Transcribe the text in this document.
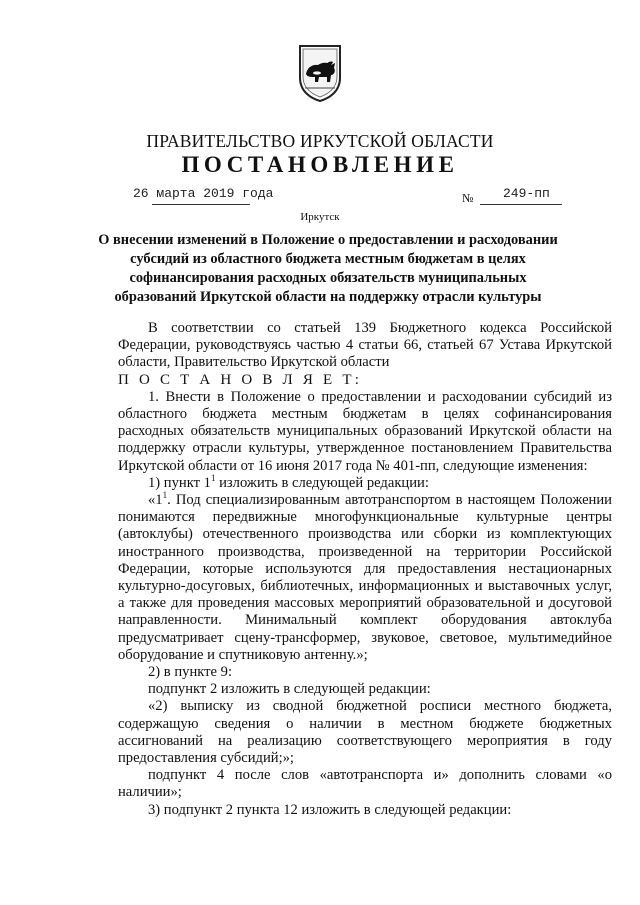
ПРАВИТЕЛЬСТВО ИРКУТСКОЙ ОБЛАСТИ
ПОСТАНОВЛЕНИЕ
26 марта 2019 года	№ 249-пп
Иркутск
О внесении изменений в Положение о предоставлении и расходовании субсидий из областного бюджета местным бюджетам в целях софинансирования расходных обязательств муниципальных образований Иркутской области на поддержку отрасли культуры

В соответствии со статьей 139 Бюджетного кодекса Российской Федерации, руководствуясь частью 4 статьи 66, статьей 67 Устава Иркутской области, Правительство Иркутской области

П О С Т А Н О В Л Я Е Т:

1. Внести в Положение о предоставлении и расходовании субсидий из областного бюджета местным бюджетам в целях софинансирования расходных обязательств муниципальных образований Иркутской области на поддержку отрасли культуры, утвержденное постановлением Правительства Иркутской области от 16 июня 2017 года № 401-пп, следующие изменения:

1) пункт $1^1$ изложить в следующей редакции:

«$1^1$. Под специализированным автотранспортом в настоящем Положении понимаются передвижные многофункциональные культурные центры (автоклубы) отечественного производства или сборки из комплектующих иностранного производства, произведенной на территории Российской Федерации, которые используются для предоставления нестационарных культурно-досуговых, библиотечных, информационных и выставочных услуг, а также для проведения массовых мероприятий образовательной и досуговой направленности. Минимальный комплект оборудования автоклуба предусматривает сцену-трансформер, звуковое, световое, мультимедийное оборудование и спутниковую антенну.»;

2) в пункте 9:

подпункт 2 изложить в следующей редакции:

«2) выписку из сводной бюджетной росписи местного бюджета, содержащую сведения о наличии в местном бюджете бюджетных ассигнований на реализацию соответствующего мероприятия в году предоставления субсидий;»;

подпункт 4 после слов «автотранспорта и» дополнить словами «о наличии»;

3) подпункт 2 пункта 12 изложить в следующей редакции:
